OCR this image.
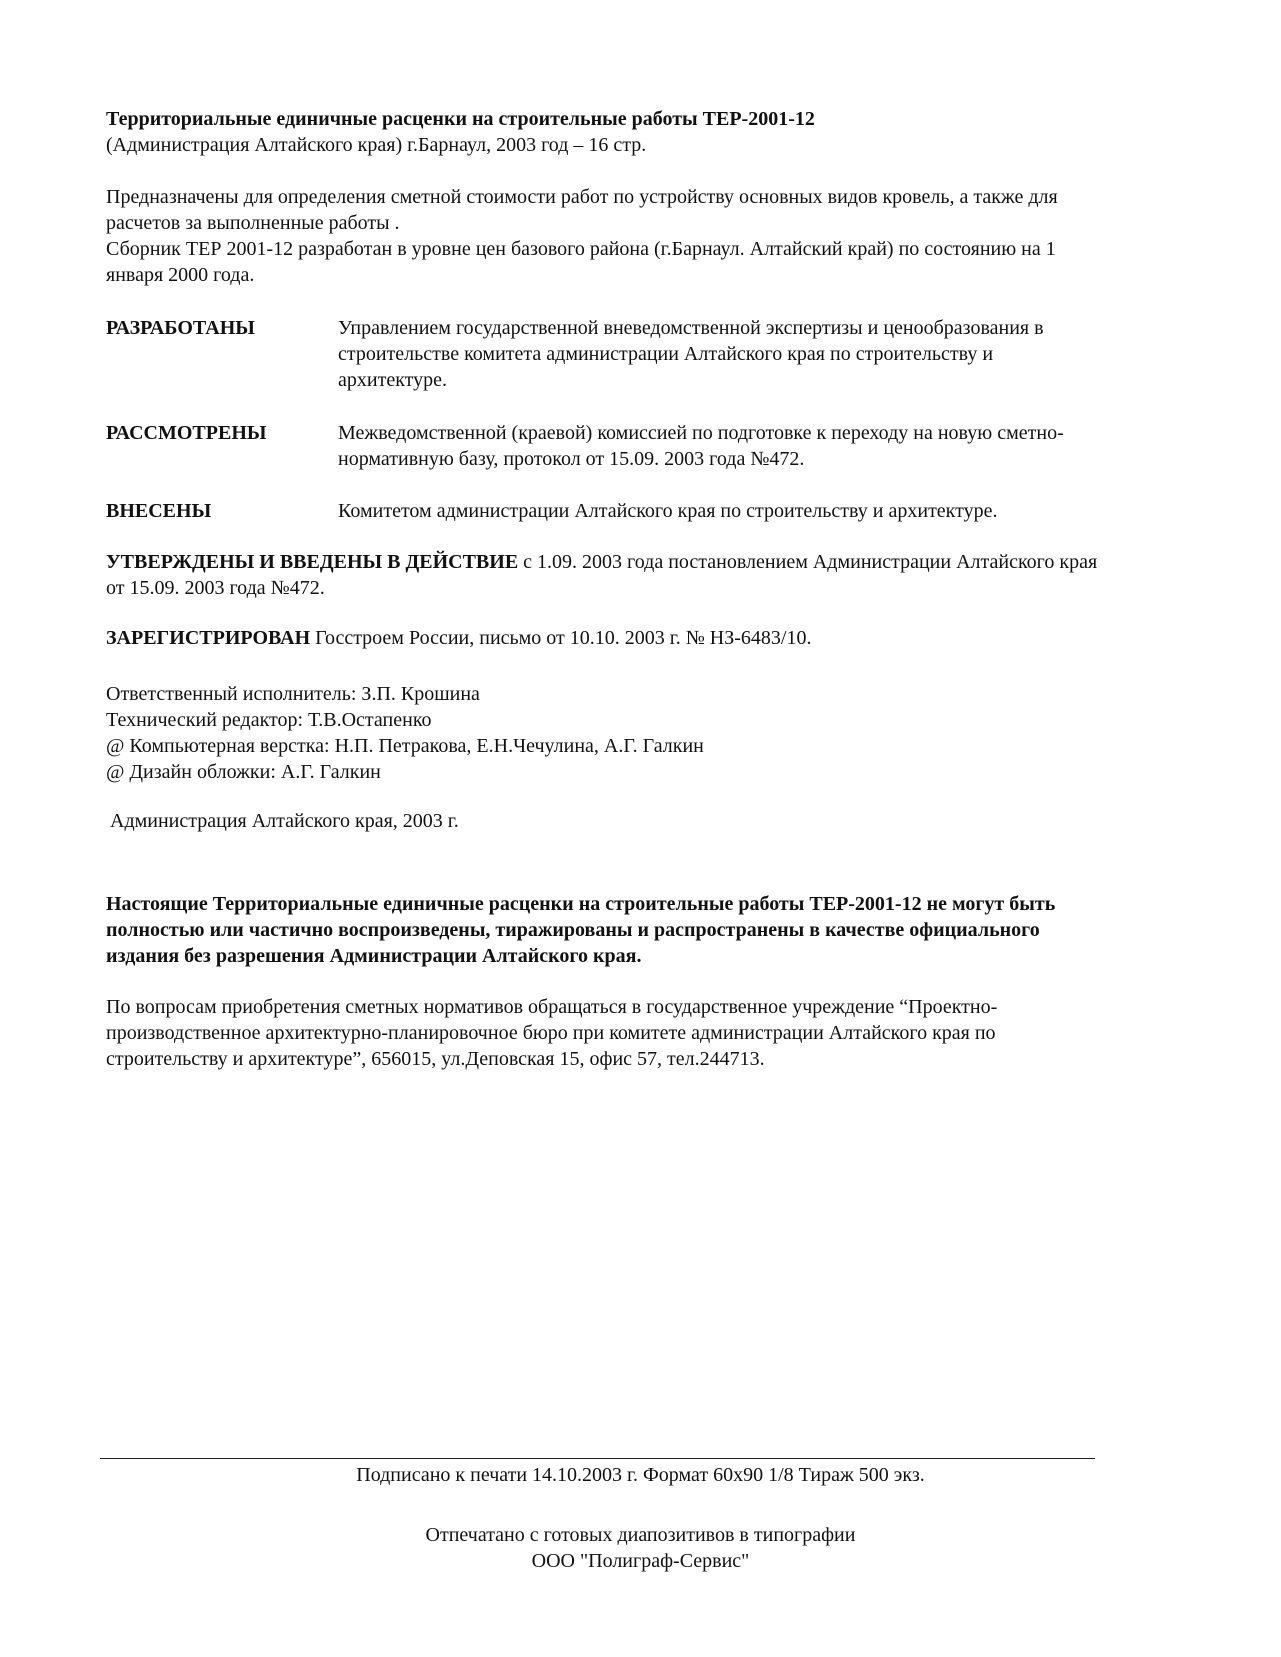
Территориальные единичные расценки на строительные работы ТЕР-2001-12
(Администрация Алтайского края) г.Барнаул, 2003 год – 16 стр.
Предназначены для определения сметной стоимости работ по устройству основных видов кровель, а также для расчетов за выполненные работы .
Сборник ТЕР 2001-12 разработан в уровне цен базового района (г.Барнаул. Алтайский край) по состоянию на 1 января 2000 года.
РАЗРАБОТАНЫ	Управлением государственной вневедомственной экспертизы и ценообразования в строительстве комитета администрации Алтайского края по строительству и архитектуре.
РАССМОТРЕНЫ	Межведомственной (краевой) комиссией по подготовке к переходу на новую сметно-нормативную базу, протокол от 15.09. 2003 года №472.
ВНЕСЕНЫ	Комитетом администрации Алтайского края по строительству и архитектуре.
УТВЕРЖДЕНЫ И ВВЕДЕНЫ В ДЕЙСТВИЕ с 1.09. 2003 года постановлением Администрации Алтайского края от 15.09. 2003 года №472.
ЗАРЕГИСТРИРОВАН Госстроем России, письмо от 10.10. 2003 г. № НЗ-6483/10.
Ответственный исполнитель: З.П. Крошина
Технический редактор: Т.В.Остапенко
@ Компьютерная верстка: Н.П. Петракова, Е.Н.Чечулина, А.Г. Галкин
@ Дизайн обложки: А.Г. Галкин
Администрация Алтайского края, 2003 г.
Настоящие Территориальные единичные расценки на строительные работы ТЕР-2001-12 не могут быть полностью или частично воспроизведены, тиражированы и распространены в качестве официального издания без разрешения Администрации Алтайского края.
По вопросам приобретения сметных нормативов обращаться в государственное учреждение “Проектно-производственное архитектурно-планировочное бюро при комитете администрации Алтайского края по строительству и архитектуре”, 656015, ул.Деповская 15, офис 57, тел.244713.
Подписано к печати 14.10.2003 г. Формат 60х90 1/8 Тираж 500 экз.
Отпечатано с готовых диапозитивов в типографии
ООО "Полиграф-Сервис"
